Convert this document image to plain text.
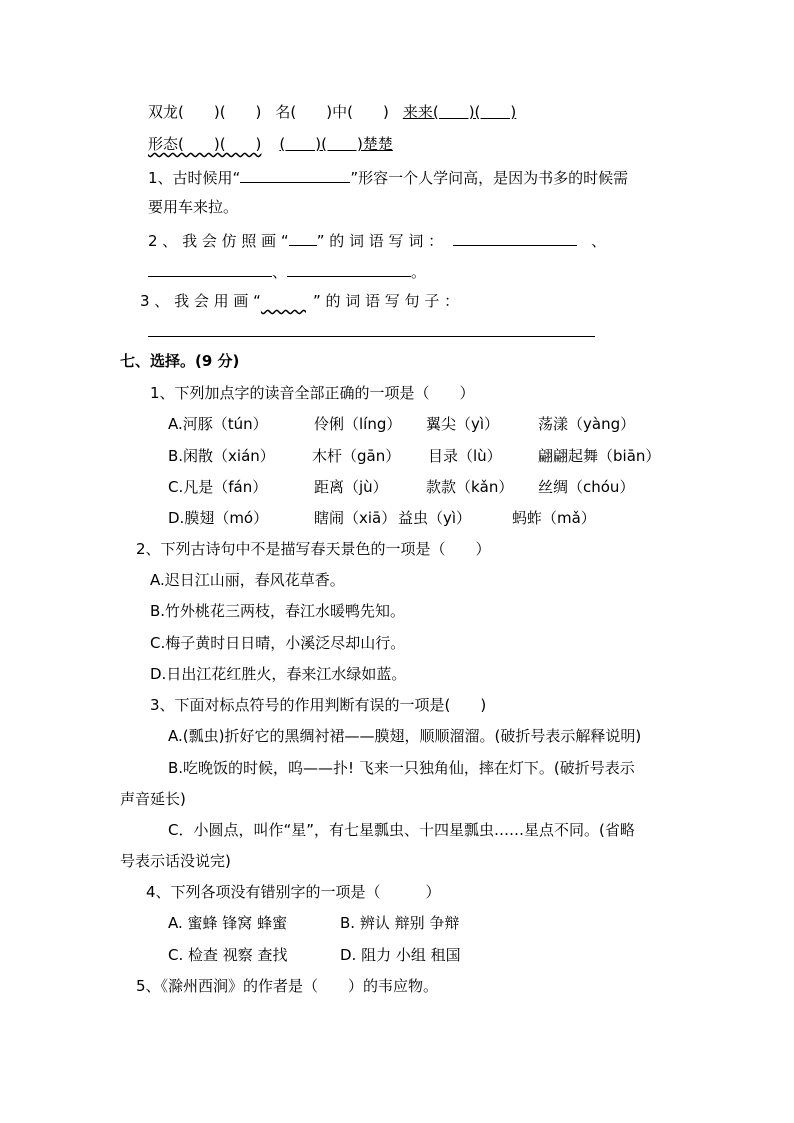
双龙(　　)(　　) 名(　　)中(　　) 来来(　　)(　　)
形态(　　)(　　) (　　)(　　)楚楚
1、古时候用“	”形容一个人学问高，是因为书多的时候需
要用车来拉。
2 、 我 会 仿 照 画 “ ” 的 词 语 写 词 ：	、
、	。
3 、 我 会 用 画 “   	” 的 词 语 写 句 子 ：
七、选择。(9 分)
1、下列加点字的读音全部正确的一项是（　　）
A.河豚（tún）	伶俐（líng） 翼尖（yì）	荡漾（yàng）
B.闲散（xián） 木杆（gān） 目录（lù） 翩翩起舞（biān）
C.凡是（fán）	距离（jù）	款款（kǎn） 丝绸（chóu）
D.膜翅（mó）	瞎闹（xiā） 益虫（yì）	蚂蚱（mǎ）
2、下列古诗句中不是描写春天景色的一项是（　　）
A.迟日江山丽，春风花草香。
B.竹外桃花三两枝，春江水暖鸭先知。
C.梅子黄时日日晴，小溪泛尽却山行。
D.日出江花红胜火，春来江水绿如蓝。
3、下面对标点符号的作用判断有误的一项是(　　)
A.(瓢虫)折好它的黑绸衬裙——膜翅，顺顺溜溜。(破折号表示解释说明)
B.吃晚饭的时候，呜——扑! 飞来一只独角仙，摔在灯下。(破折号表示
声音延长)
C．小圆点，叫作“星”，有七星瓢虫、十四星瓢虫……星点不同。(省略
号表示话没说完)
4、下列各项没有错别字的一项是（　　　）
A. 蜜蜂 锋窝 蜂蜜	B. 辨认 辩别 争辩
C. 检查 视察 查找	D. 阻力 小组 租国
5、《滁州西涧》的作者是（　　）的韦应物。
